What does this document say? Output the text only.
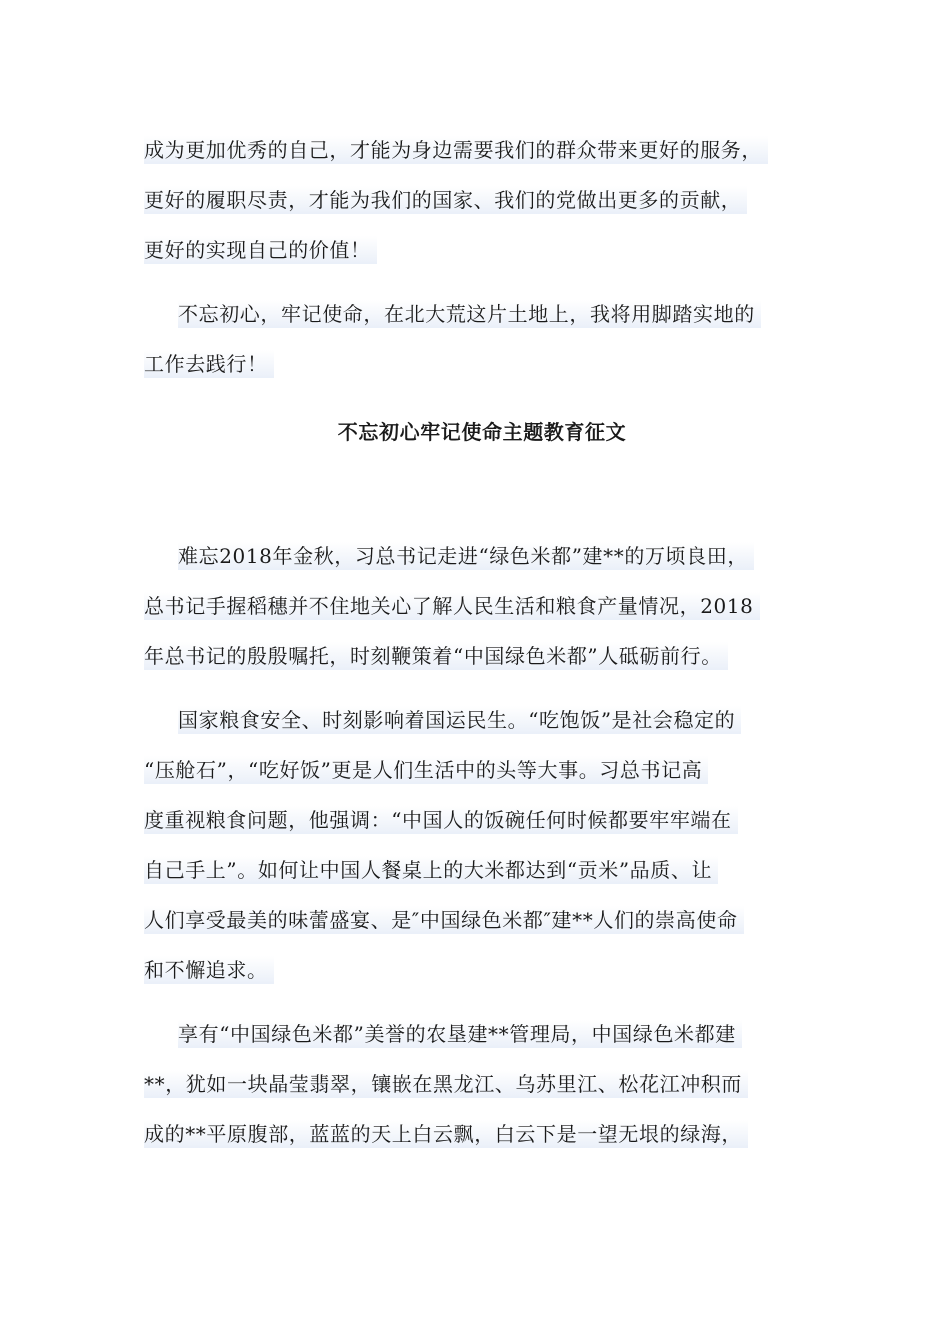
成为更加优秀的自己，才能为身边需要我们的群众带来更好的服务，
更好的履职尽责，才能为我们的国家、我们的党做出更多的贡献，
更好的实现自己的价值！
不忘初心，牢记使命，在北大荒这片土地上，我将用脚踏实地的
工作去践行！
不忘初心牢记使命主题教育征文
难忘2018年金秋，习总书记走进“绿色米都”建**的万顷良田，
总书记手握稻穗并不住地关心了解人民生活和粮食产量情况，2018
年总书记的殷殷嘱托，时刻鞭策着“中国绿色米都”人砥砺前行。
国家粮食安全、时刻影响着国运民生。“吃饱饭”是社会稳定的
“压舱石”，“吃好饭”更是人们生活中的头等大事。习总书记高
度重视粮食问题，他强调：“中国人的饭碗任何时候都要牢牢端在
自己手上”。如何让中国人餐桌上的大米都达到“贡米”品质、让
人们享受最美的味蕾盛宴、是″中国绿色米都″建**人们的崇高使命
和不懈追求。
享有“中国绿色米都”美誉的农垦建**管理局，中国绿色米都建
**，犹如一块晶莹翡翠，镶嵌在黑龙江、乌苏里江、松花江冲积而
成的**平原腹部，蓝蓝的天上白云飘，白云下是一望无垠的绿海，
